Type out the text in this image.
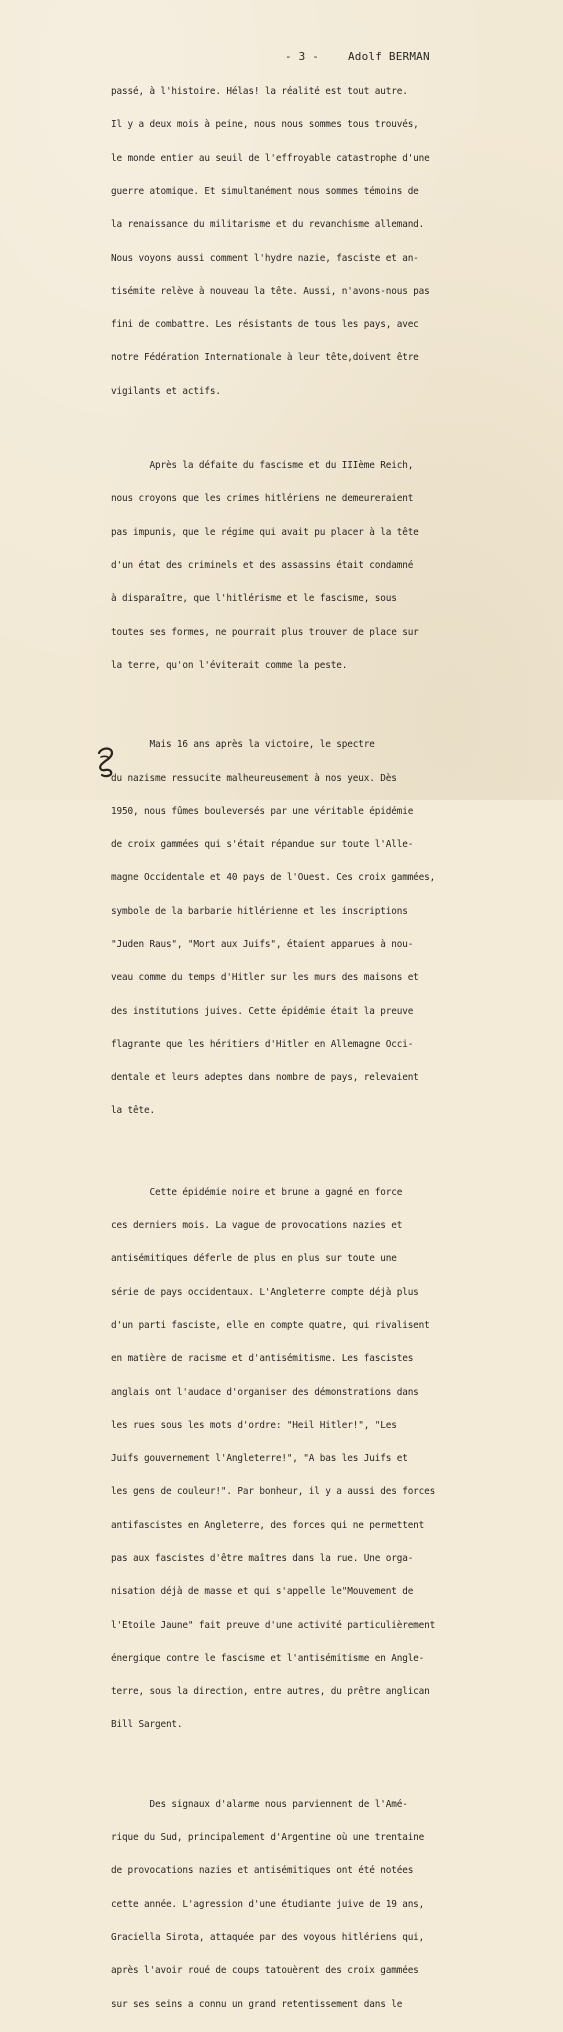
- 3 -	Adolf BERMAN

passé, à l'histoire. Hélas! la réalité est tout autre.

Il y a deux mois à peine, nous nous sommes tous trouvés,

le monde entier au seuil de l'effroyable catastrophe d'une

guerre atomique. Et simultanément nous sommes témoins de

la renaissance du militarisme et du revanchisme allemand.

Nous voyons aussi comment l'hydre nazie, fasciste et an-

tisémite relève à nouveau la tête. Aussi, n'avons-nous pas

fini de combattre. Les résistants de tous les pays, avec

notre Fédération Internationale à leur tête,doivent être

vigilants et actifs.

Après la défaite du fascisme et du IIIème Reich,

nous croyons que les crimes hitlériens ne demeureraient

pas impunis, que le régime qui avait pu placer à la tête

d'un état des criminels et des assassins était condamné

à disparaître, que l'hitlérisme et le fascisme, sous

toutes ses formes, ne pourrait plus trouver de place sur

la terre, qu'on l'éviterait comme la peste.

Mais 16 ans après la victoire, le spectre

du nazisme ressucite malheureusement à nos yeux. Dès

1950, nous fûmes bouleversés par une véritable épidémie

de croix gammées qui s'était répandue sur toute l'Alle-

magne Occidentale et 40 pays de l'Ouest. Ces croix gammées,

symbole de la barbarie hitlérienne et les inscriptions

"Juden Raus", "Mort aux Juifs", étaient apparues à nou-

veau comme du temps d'Hitler sur les murs des maisons et

des institutions juives. Cette épidémie était la preuve

flagrante que les héritiers d'Hitler en Allemagne Occi-

dentale et leurs adeptes dans nombre de pays, relevaient

la tête.

Cette épidémie noire et brune a gagné en force

ces derniers mois. La vague de provocations nazies et

antisémitiques déferle de plus en plus sur toute une

série de pays occidentaux. L'Angleterre compte déjà plus

d'un parti fasciste, elle en compte quatre, qui rivalisent

en matière de racisme et d'antisémitisme. Les fascistes

anglais ont l'audace d'organiser des démonstrations dans

les rues sous les mots d'ordre: "Heil Hitler!", "Les

Juifs gouvernement l'Angleterre!", "A bas les Juifs et

les gens de couleur!". Par bonheur, il y a aussi des forces

antifascistes en Angleterre, des forces qui ne permettent

pas aux fascistes d'être maîtres dans la rue. Une orga-

nisation déjà de masse et qui s'appelle le"Mouvement de

l'Etoile Jaune" fait preuve d'une activité particulièrement

énergique contre le fascisme et l'antisémitisme en Angle-

terre, sous la direction, entre autres, du prêtre anglican

Bill Sargent.

Des signaux d'alarme nous parviennent de l'Amé-

rique du Sud, principalement d'Argentine où une trentaine

de provocations nazies et antisémitiques ont été notées

cette année. L'agression d'une étudiante juive de 19 ans,

Graciella Sirota, attaquée par des voyous hitlériens qui,

après l'avoir roué de coups tatouèrent des croix gammées

sur ses seins a connu un grand retentissement dans le
